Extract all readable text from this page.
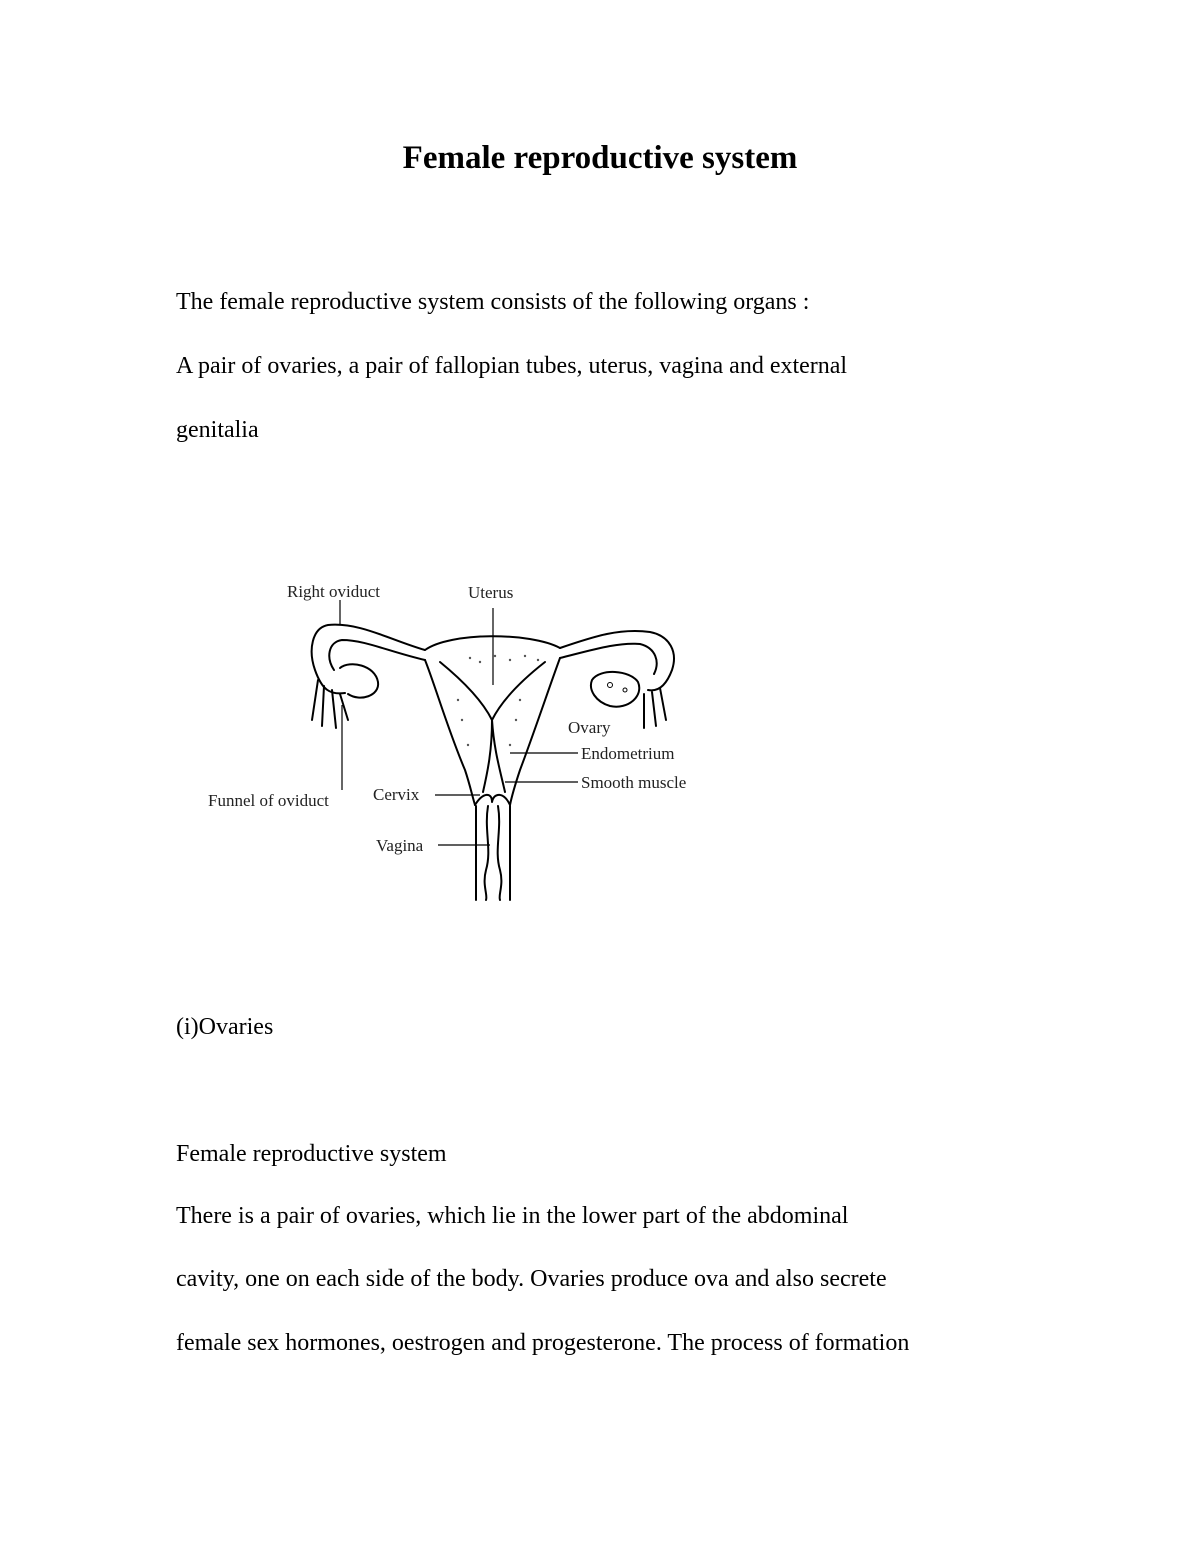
Female reproductive system
The female reproductive system consists of the following organs :
A pair of ovaries, a pair of fallopian tubes, uterus, vagina and external
genitalia
Right oviduct	Uterus
Ovary
Endometrium
Smooth muscle
Funnel of oviduct	Cervix
Vagina
(i)Ovaries
Female reproductive system
There is a pair of ovaries, which lie in the lower part of the abdominal
cavity, one on each side of the body. Ovaries produce ova and also secrete
female sex hormones, oestrogen and progesterone. The process of formation
